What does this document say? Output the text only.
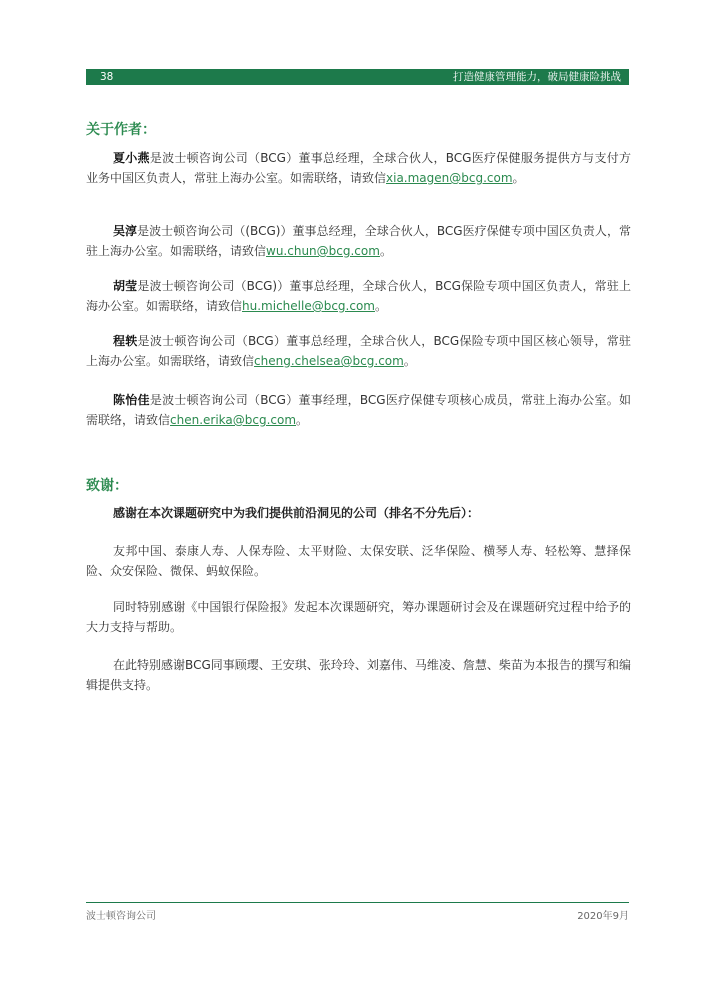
38	打造健康管理能力，破局健康险挑战
关于作者：

夏小燕是波士顿咨询公司（BCG）董事总经理，全球合伙人，BCG医疗保健服务提供方与支付方业务中国区负责人，常驻上海办公室。如需联络，请致信xia.magen@bcg.com。

吴淳是波士顿咨询公司（(BCG)）董事总经理，全球合伙人，BCG医疗保健专项中国区负责人，常驻上海办公室。如需联络，请致信wu.chun@bcg.com。

胡莹是波士顿咨询公司（BCG)）董事总经理，全球合伙人，BCG保险专项中国区负责人，常驻上海办公室。如需联络，请致信hu.michelle@bcg.com。

程轶是波士顿咨询公司（BCG）董事总经理，全球合伙人，BCG保险专项中国区核心领导，常驻上海办公室。如需联络，请致信cheng.chelsea@bcg.com。

陈怡佳是波士顿咨询公司（BCG）董事经理，BCG医疗保健专项核心成员，常驻上海办公室。如需联络，请致信chen.erika@bcg.com。

致谢：

感谢在本次课题研究中为我们提供前沿洞见的公司（排名不分先后）：

友邦中国、泰康人寿、人保寿险、太平财险、太保安联、泛华保险、横琴人寿、轻松筹、慧择保险、众安保险、微保、蚂蚁保险。

同时特别感谢《中国银行保险报》发起本次课题研究，筹办课题研讨会及在课题研究过程中给予的大力支持与帮助。

在此特别感谢BCG同事顾璎、王安琪、张玲玲、刘嘉伟、马维凌、詹慧、柴苗为本报告的撰写和编辑提供支持。

波士顿咨询公司	2020年9月
